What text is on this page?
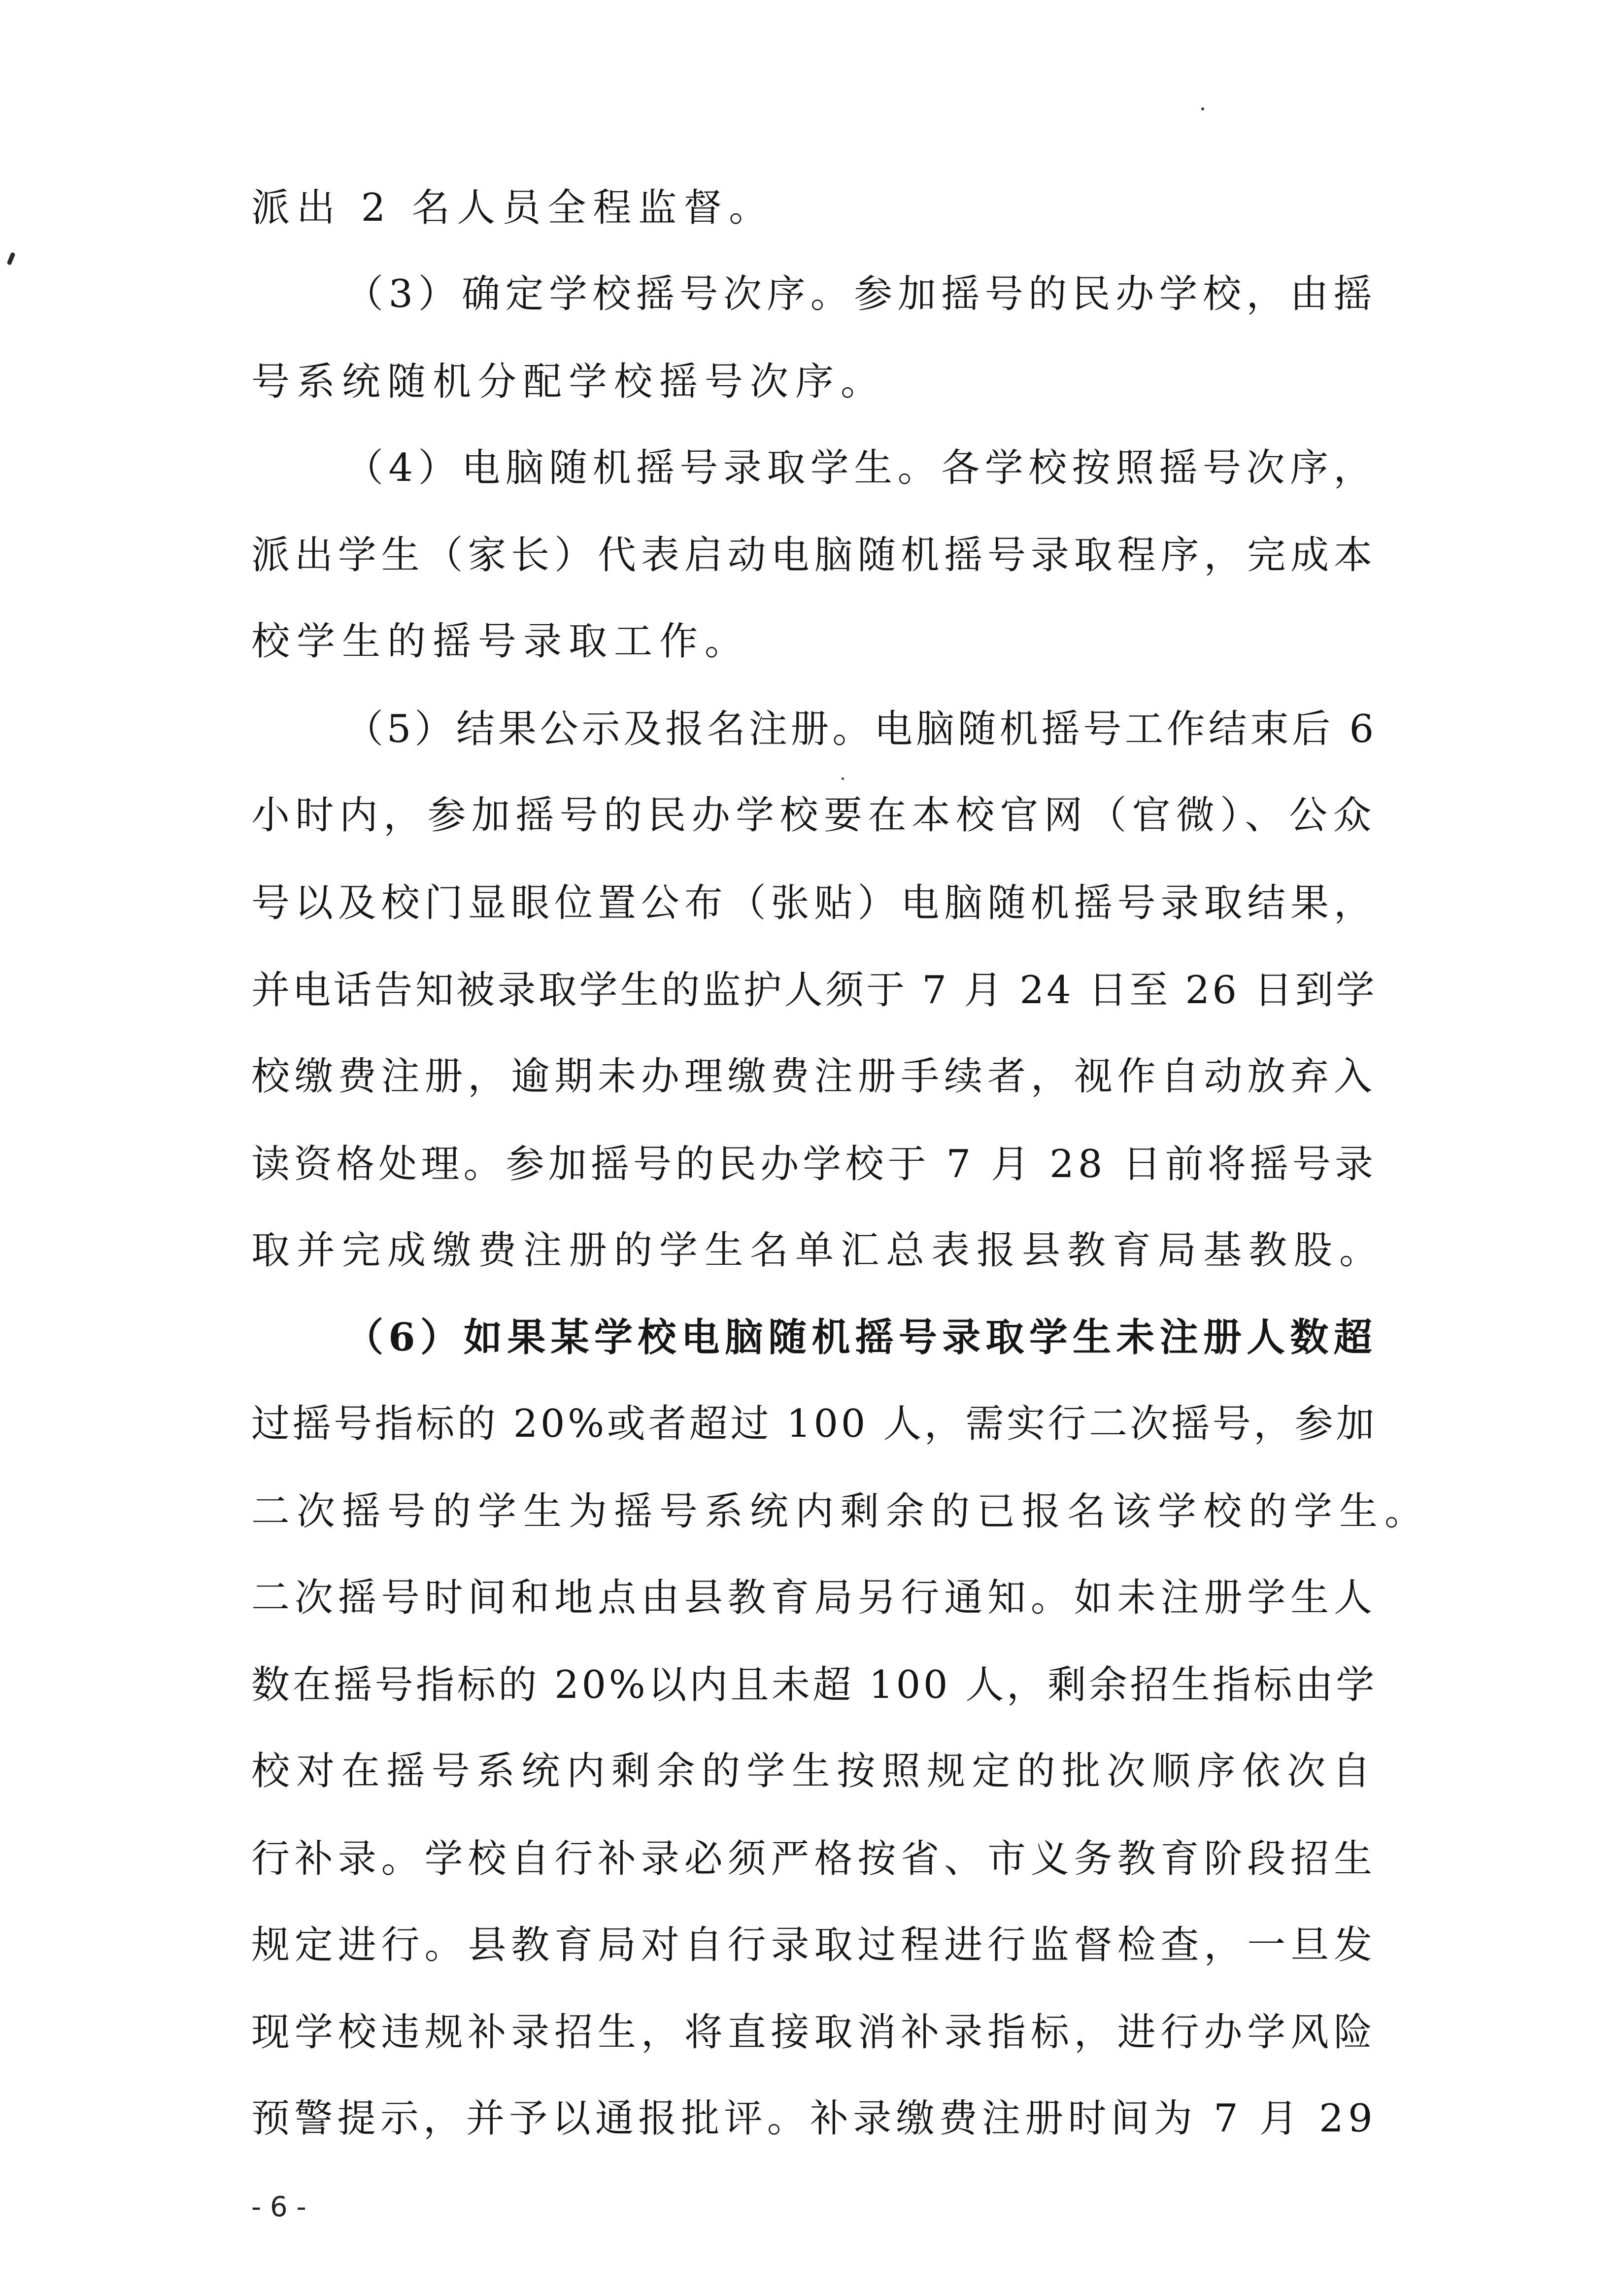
派出 2 名人员全程监督。
（3）确定学校摇号次序。参加摇号的民办学校，由摇
号系统随机分配学校摇号次序。
（4）电脑随机摇号录取学生。各学校按照摇号次序，
派出学生（家长）代表启动电脑随机摇号录取程序，完成本
校学生的摇号录取工作。
（5）结果公示及报名注册。电脑随机摇号工作结束后 6
小时内，参加摇号的民办学校要在本校官网（官微）、公众
号以及校门显眼位置公布（张贴）电脑随机摇号录取结果，
并电话告知被录取学生的监护人须于 7 月 24 日至 26 日到学
校缴费注册，逾期未办理缴费注册手续者，视作自动放弃入
读资格处理。参加摇号的民办学校于 7 月 28 日前将摇号录
取并完成缴费注册的学生名单汇总表报县教育局基教股。
（6）如果某学校电脑随机摇号录取学生未注册人数超
过摇号指标的 20%或者超过 100 人，需实行二次摇号，参加
二次摇号的学生为摇号系统内剩余的已报名该学校的学生。
二次摇号时间和地点由县教育局另行通知。如未注册学生人
数在摇号指标的 20%以内且未超 100 人，剩余招生指标由学
校对在摇号系统内剩余的学生按照规定的批次顺序依次自
行补录。学校自行补录必须严格按省、市义务教育阶段招生
规定进行。县教育局对自行录取过程进行监督检查，一旦发
现学校违规补录招生，将直接取消补录指标，进行办学风险
预警提示，并予以通报批评。补录缴费注册时间为 7 月 29
- 6 -
